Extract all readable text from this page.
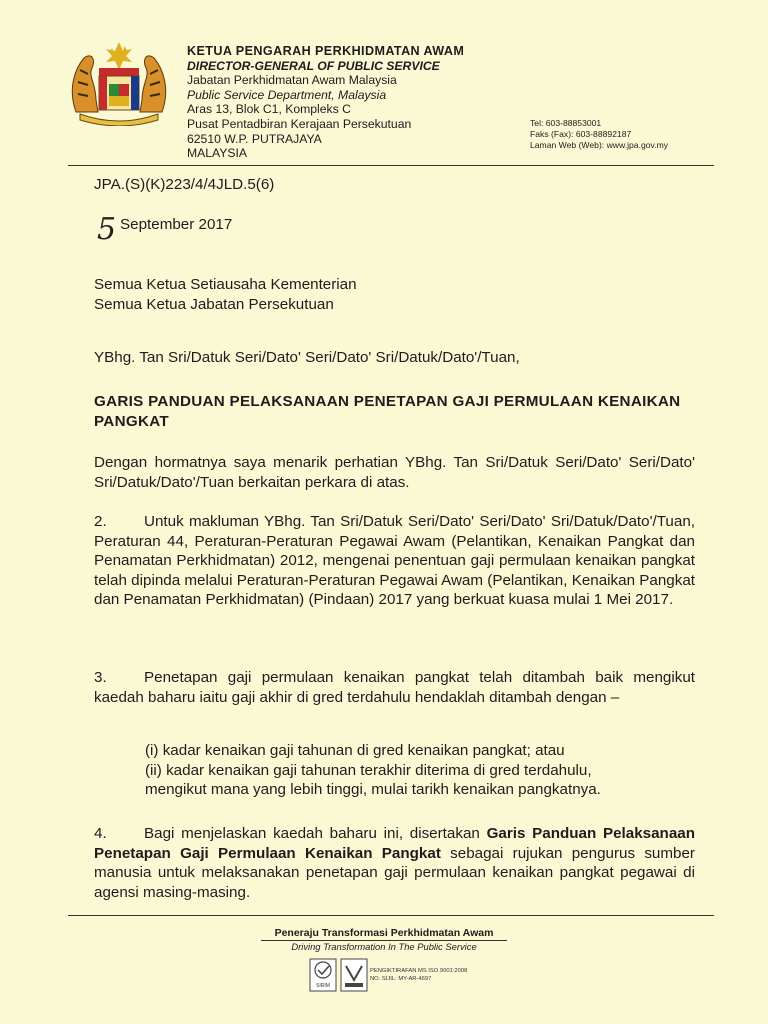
KETUA PENGARAH PERKHIDMATAN AWAM
DIRECTOR-GENERAL OF PUBLIC SERVICE
Jabatan Perkhidmatan Awam Malaysia
Public Service Department, Malaysia
Aras 13, Blok C1, Kompleks C
Pusat Pentadbiran Kerajaan Persekutuan
62510 W.P. PUTRAJAYA
MALAYSIA
Tel: 603-88853001
Faks (Fax): 603-88892187
Laman Web (Web): www.jpa.gov.my
JPA.(S)(K)223/4/4JLD.5(6)
5 September 2017
Semua Ketua Setiausaha Kementerian
Semua Ketua Jabatan Persekutuan
YBhg. Tan Sri/Datuk Seri/Dato' Seri/Dato' Sri/Datuk/Dato'/Tuan,
GARIS PANDUAN PELAKSANAAN PENETAPAN GAJI PERMULAAN KENAIKAN PANGKAT
Dengan hormatnya saya menarik perhatian YBhg. Tan Sri/Datuk Seri/Dato' Seri/Dato' Sri/Datuk/Dato'/Tuan berkaitan perkara di atas.
2. Untuk makluman YBhg. Tan Sri/Datuk Seri/Dato' Seri/Dato' Sri/Datuk/Dato'/Tuan, Peraturan 44, Peraturan-Peraturan Pegawai Awam (Pelantikan, Kenaikan Pangkat dan Penamatan Perkhidmatan) 2012, mengenai penentuan gaji permulaan kenaikan pangkat telah dipinda melalui Peraturan-Peraturan Pegawai Awam (Pelantikan, Kenaikan Pangkat dan Penamatan Perkhidmatan) (Pindaan) 2017 yang berkuat kuasa mulai 1 Mei 2017.
3. Penetapan gaji permulaan kenaikan pangkat telah ditambah baik mengikut kaedah baharu iaitu gaji akhir di gred terdahulu hendaklah ditambah dengan –
(i) kadar kenaikan gaji tahunan di gred kenaikan pangkat; atau
(ii) kadar kenaikan gaji tahunan terakhir diterima di gred terdahulu,
mengikut mana yang lebih tinggi, mulai tarikh kenaikan pangkatnya.
4. Bagi menjelaskan kaedah baharu ini, disertakan Garis Panduan Pelaksanaan Penetapan Gaji Permulaan Kenaikan Pangkat sebagai rujukan pengurus sumber manusia untuk melaksanakan penetapan gaji permulaan kenaikan pangkat pegawai di agensi masing-masing.
Peneraju Transformasi Perkhidmatan Awam
Driving Transformation In The Public Service
SIRIM
PENGIKTIRAFAN MS ISO 9001:2008
NO. SIJIL: MY-AR-4697
